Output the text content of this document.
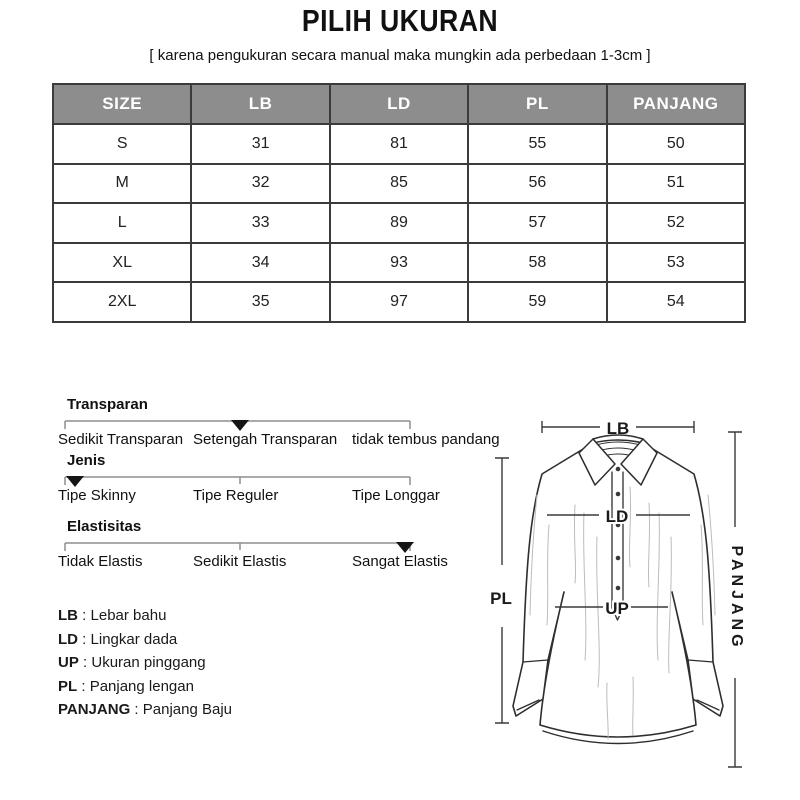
PILIH UKURAN
[ karena pengukuran secara manual maka mungkin ada perbedaan 1-3cm ]
SIZE	LB	LD	PL	PANJANG
S	31	81	55	50
M	32	85	56	51
L	33	89	57	52
XL	34	93	58	53
2XL	35	97	59	54
Transparan
Sedikit Transparan Setengah Transparan tidak tembus pandang
Jenis
Tipe Skinny	Tipe Reguler	Tipe Longgar
Elastisitas
Tidak Elastis	Sedikit Elastis	Sangat Elastis
LB : Lebar bahu
LD : Lingkar dada
UP : Ukuran pinggang
PL : Panjang lengan
PANJANG : Panjang Baju
LB
LD
UP
PL	PANJANG
